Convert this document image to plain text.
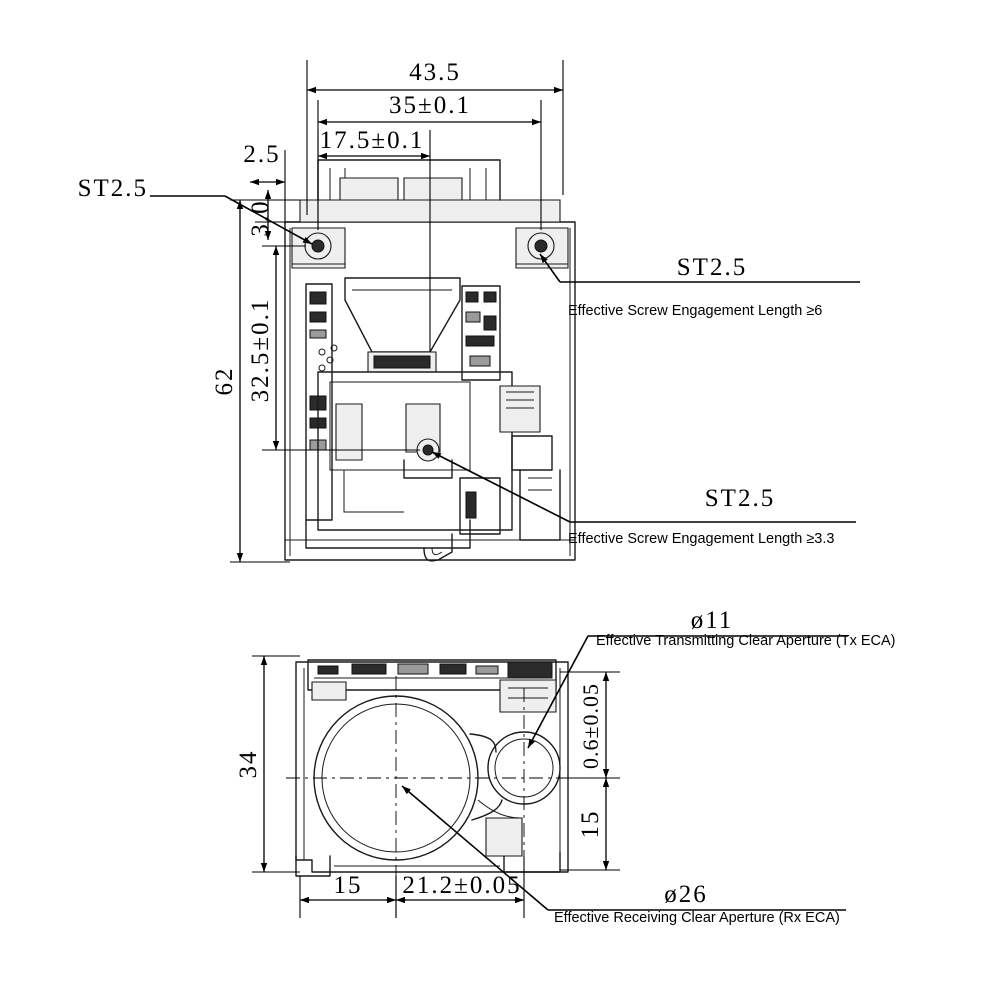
43.5
35±0.1
17.5±0.1
2.5
3.0
62 32.5±0.1
ST2.5
ST2.5
Effective Screw Engagement Length ≥6
ST2.5
Effective Screw Engagement Length ≥3.3
34	0.6±0.05
15
15 21.2±0.05
ø11
Effective Transmitting Clear Aperture (Tx ECA)
ø26
Effective Receiving Clear Aperture (Rx ECA)
